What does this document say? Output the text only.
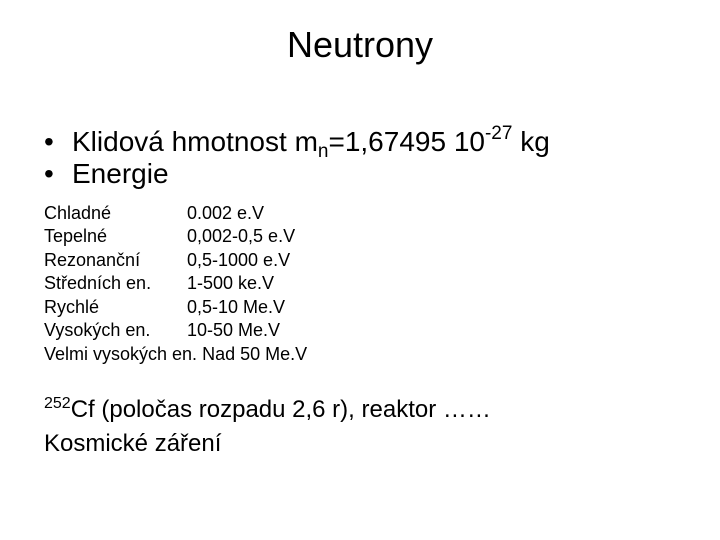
Neutrony
• Klidová hmotnost $m_n=1,67495$ $10^{-27}$ kg
• Energie
Chladné	0.002 e.V
Tepelné	0,002-0,5 e.V
Rezonanční	0,5-1000 e.V
Středních en.	1-500 ke.V
Rychlé	0,5-10 Me.V
Vysokých en.	10-50 Me.V
Velmi vysokých en. Nad 50 Me.V	
$^{252}$Cf (poločas rozpadu 2,6 r), reaktor ……
Kosmické záření
